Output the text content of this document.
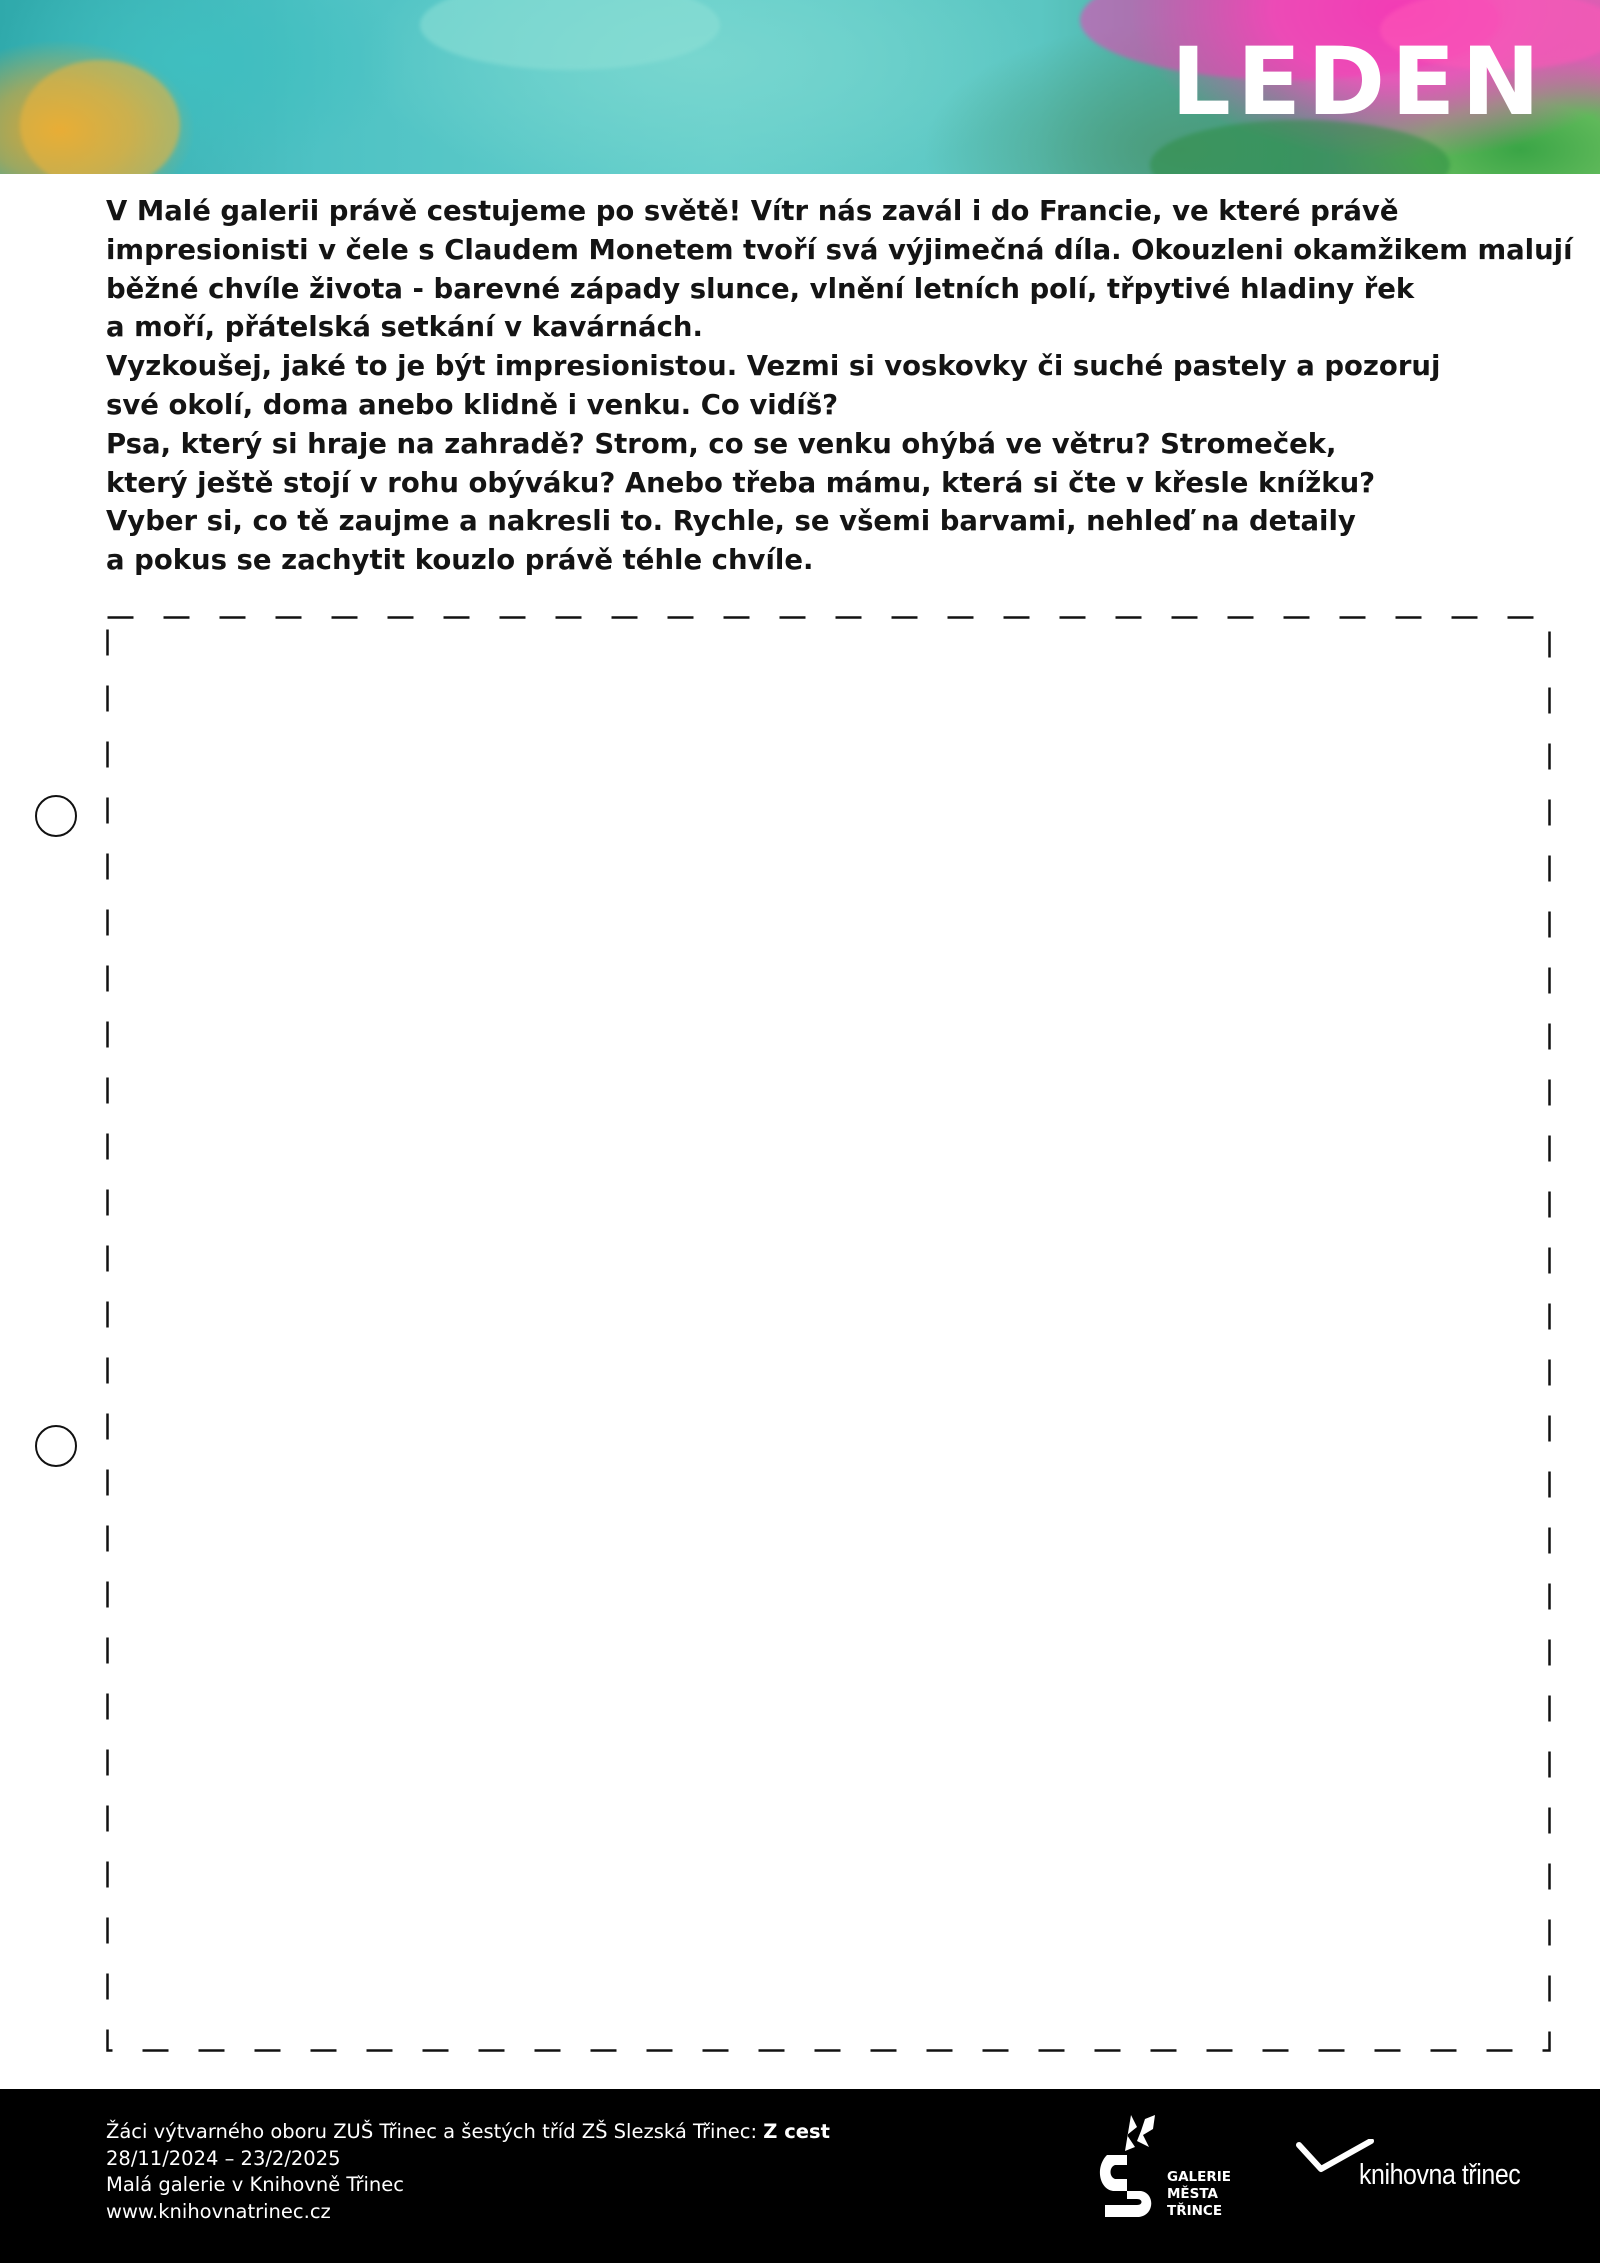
LEDEN
V Malé galerii právě cestujeme po světě! Vítr nás zavál i do Francie, ve které právě
impresionisti v čele s Claudem Monetem tvoří svá výjimečná díla. Okouzleni okamžikem malují
běžné chvíle života - barevné západy slunce, vlnění letních polí, třpytivé hladiny řek
a moří, přátelská setkání v kavárnách.
Vyzkoušej, jaké to je být impresionistou. Vezmi si voskovky či suché pastely a pozoruj
své okolí, doma anebo klidně i venku. Co vidíš?
Psa, který si hraje na zahradě? Strom, co se venku ohýbá ve větru? Stromeček,
který ještě stojí v rohu obýváku? Anebo třeba mámu, která si čte v křesle knížku?
Vyber si, co tě zaujme a nakresli to. Rychle, se všemi barvami, nehleď na detaily
a pokus se zachytit kouzlo právě téhle chvíle.
Žáci výtvarného oboru ZUŠ Třinec a šestých tříd ZŠ Slezská Třinec: Z cest
28/11/2024 – 23/2/2025
Malá galerie v Knihovně Třinec
www.knihovnatrinec.cz
GALERIE
MĚSTA
TŘINCE
knihovna třinec
